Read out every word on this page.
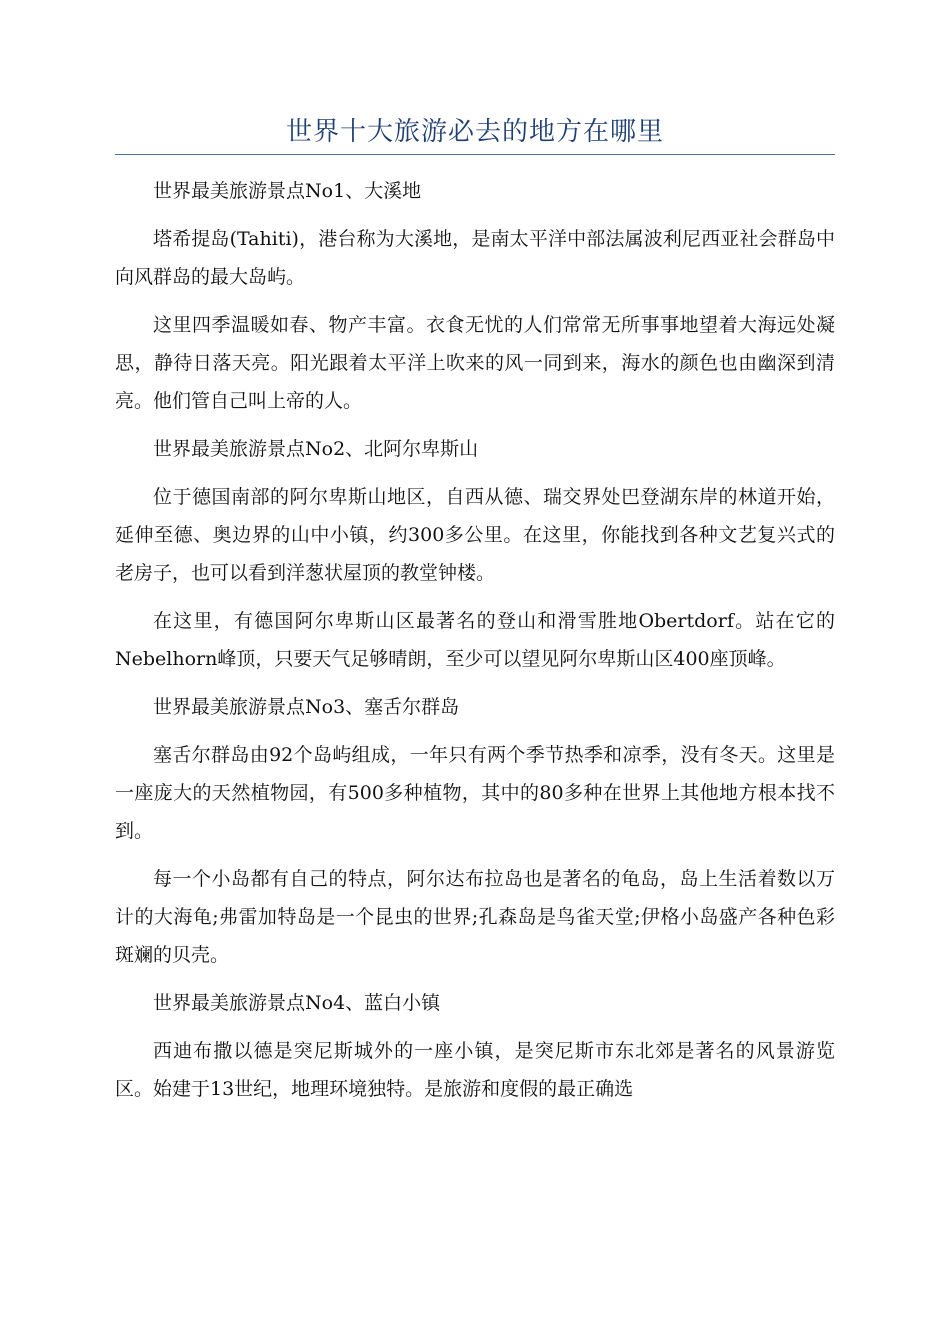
世界十大旅游必去的地方在哪里

世界最美旅游景点No1、大溪地

塔希提岛(Tahiti)，港台称为大溪地，是南太平洋中部法属波利尼西亚社会群岛中向风群岛的最大岛屿。

这里四季温暖如春、物产丰富。衣食无忧的人们常常无所事事地望着大海远处凝思，静待日落天亮。阳光跟着太平洋上吹来的风一同到来，海水的颜色也由幽深到清亮。他们管自己叫上帝的人。

世界最美旅游景点No2、北阿尔卑斯山

位于德国南部的阿尔卑斯山地区，自西从德、瑞交界处巴登湖东岸的林道开始，延伸至德、奥边界的山中小镇，约300多公里。在这里，你能找到各种文艺复兴式的老房子，也可以看到洋葱状屋顶的教堂钟楼。

在这里，有德国阿尔卑斯山区最著名的登山和滑雪胜地Obertdorf。站在它的Nebelhorn峰顶，只要天气足够晴朗，至少可以望见阿尔卑斯山区400座顶峰。

世界最美旅游景点No3、塞舌尔群岛

塞舌尔群岛由92个岛屿组成，一年只有两个季节热季和凉季，没有冬天。这里是一座庞大的天然植物园，有500多种植物，其中的80多种在世界上其他地方根本找不到。

每一个小岛都有自己的特点，阿尔达布拉岛也是著名的龟岛，岛上生活着数以万计的大海龟;弗雷加特岛是一个昆虫的世界;孔森岛是鸟雀天堂;伊格小岛盛产各种色彩斑斓的贝壳。

世界最美旅游景点No4、蓝白小镇

西迪布撒以德是突尼斯城外的一座小镇，是突尼斯市东北郊是著名的风景游览区。始建于13世纪，地理环境独特。是旅游和度假的最正确选
